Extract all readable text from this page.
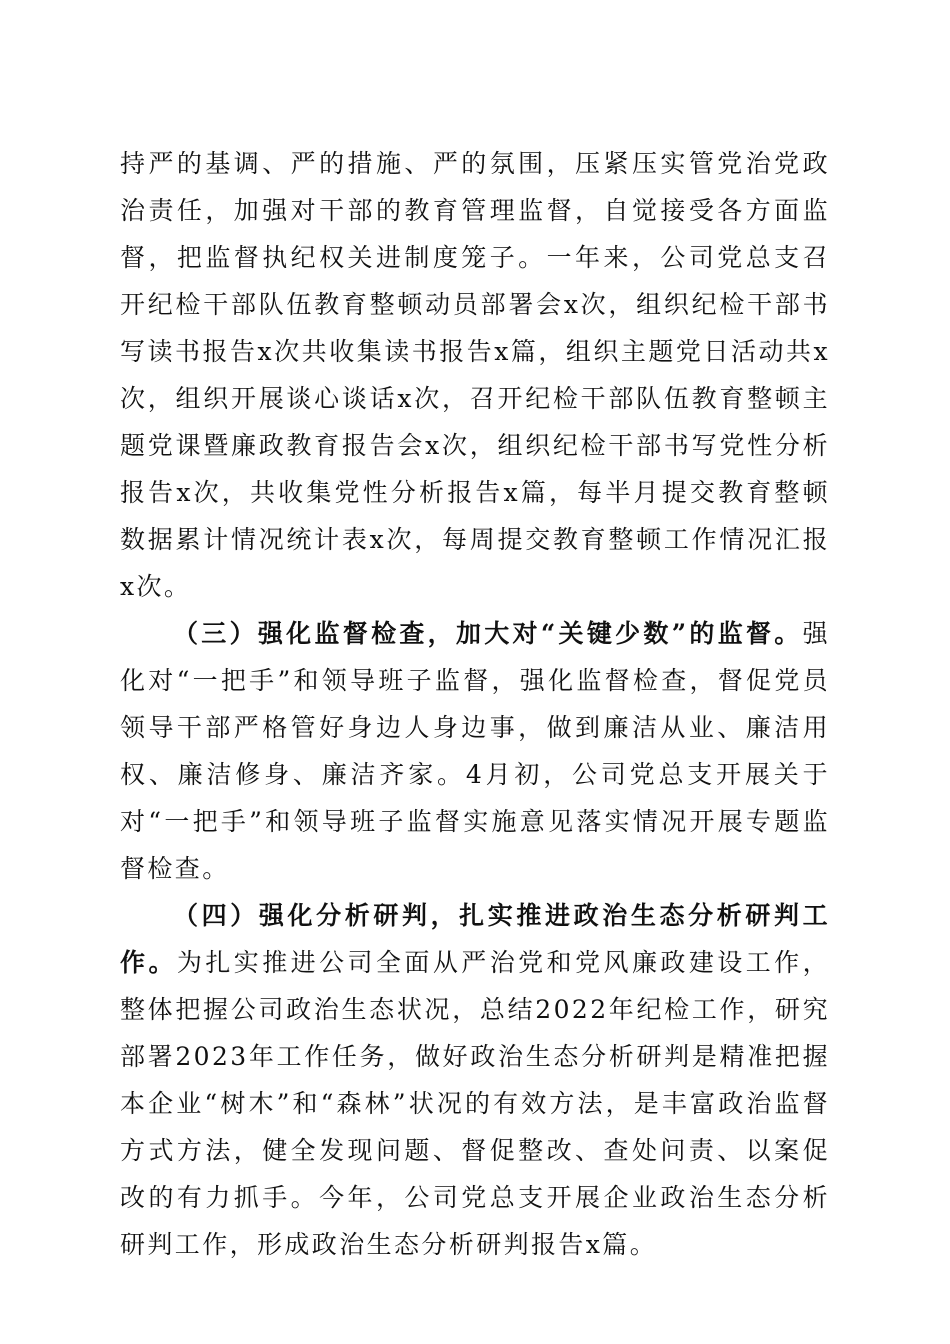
持严的基调、严的措施、严的氛围，压紧压实管党治党政治责任，加强对干部的教育管理监督，自觉接受各方面监督，把监督执纪权关进制度笼子。一年来，公司党总支召开纪检干部队伍教育整顿动员部署会x次，组织纪检干部书写读书报告x次共收集读书报告x篇，组织主题党日活动共x次，组织开展谈心谈话x次，召开纪检干部队伍教育整顿主题党课暨廉政教育报告会x次，组织纪检干部书写党性分析报告x次，共收集党性分析报告x篇，每半月提交教育整顿数据累计情况统计表x次，每周提交教育整顿工作情况汇报x次。

（三）强化监督检查，加大对“关键少数”的监督。强化对“一把手”和领导班子监督，强化监督检查，督促党员领导干部严格管好身边人身边事，做到廉洁从业、廉洁用权、廉洁修身、廉洁齐家。4月初，公司党总支开展关于对“一把手”和领导班子监督实施意见落实情况开展专题监督检查。

（四）强化分析研判，扎实推进政治生态分析研判工作。为扎实推进公司全面从严治党和党风廉政建设工作，整体把握公司政治生态状况，总结2022年纪检工作，研究部署2023年工作任务，做好政治生态分析研判是精准把握本企业“树木”和“森林”状况的有效方法，是丰富政治监督方式方法，健全发现问题、督促整改、查处问责、以案促改的有力抓手。今年，公司党总支开展企业政治生态分析研判工作，形成政治生态分析研判报告x篇。
